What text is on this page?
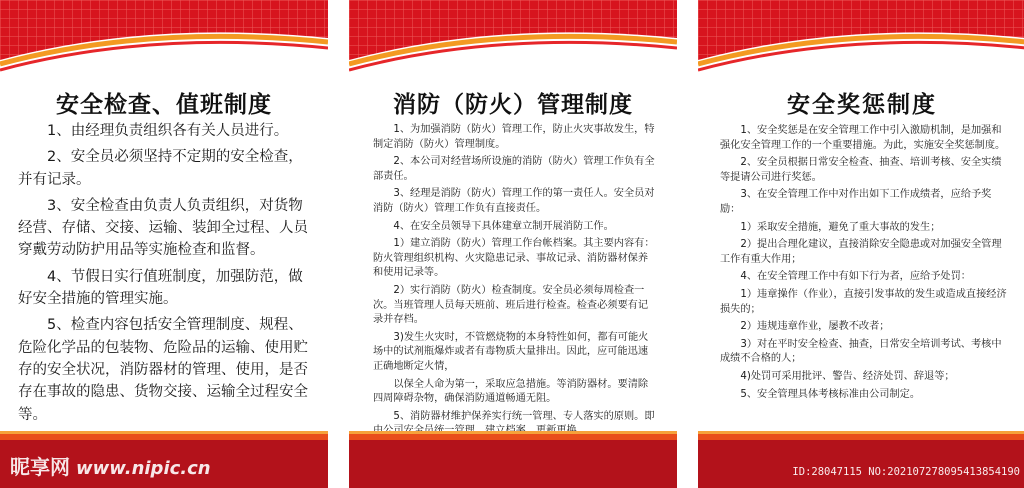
安全检查、值班制度

1、由经理负责组织各有关人员进行。

2、安全员必须坚持不定期的安全检查，并有记录。

3、安全检查由负责人负责组织，对货物经营、存储、交接、运输、装卸全过程、人员穿戴劳动防护用品等实施检查和监督。

4、节假日实行值班制度，加强防范，做好安全措施的管理实施。

5、检查内容包括安全管理制度、规程、危险化学品的包装物、危险品的运输、使用贮存的安全状况，消防器材的管理、使用，是否存在事故的隐患、货物交接、运输全过程安全等。

昵享网 www.nipic.cn
消防（防火）管理制度

1、为加强消防（防火）管理工作，防止火灾事故发生，特制定消防（防火）管理制度。

2、本公司对经营场所设施的消防（防火）管理工作负有全部责任。

3、经理是消防（防火）管理工作的第一责任人。安全员对消防（防火）管理工作负有直接责任。

4、在安全员领导下具体建章立制开展消防工作。

1）建立消防（防火）管理工作台帐档案。其主要内容有：防火管理组织机构、火灾隐患记录、事故记录、消防器材保养和使用记录等。

2）实行消防（防火）检查制度。安全员必须每周检查一次。当班管理人员每天班前、班后进行检查。检查必须要有记录并存档。

3)发生火灾时，不管燃烧物的本身特性如何，都有可能火场中的试剂瓶爆炸或者有毒物质大量排出。因此，应可能迅速正确地断定火情，

以保全人命为第一，采取应急措施。等消防器材。要清除四周障碍杂物，确保消防通道畅通无阻。

5、消防器材维护保养实行统一管理、专人落实的原则。即

安全奖惩制度

1、安全奖惩是在安全管理工作中引入激励机制，是加强和强化安全管理工作的一个重要措施。为此，实施安全奖惩制度。

2、安全员根据日常安全检查、抽查、培训考核、安全实绩等提请公司进行奖惩。

3、在安全管理工作中对作出如下工作成绩者，应给予奖励：

1）采取安全措施，避免了重大事故的发生；

2）提出合理化建议，直接消除安全隐患或对加强安全管理工作有重大作用；

4、在安全管理工作中有如下行为者，应给予处罚：

1）违章操作（作业），直接引发事故的发生或造成直接经济损失的；

2）违规违章作业，屡教不改者；

3）对在平时安全检查、抽查，日常安全培训考试、考核中成绩不合格的人；

4)处罚可采用批评、警告、经济处罚、辞退等；

5、安全管理具体考核标准由公司制定。

ID:28047115 NO:20210727809541385419​0
